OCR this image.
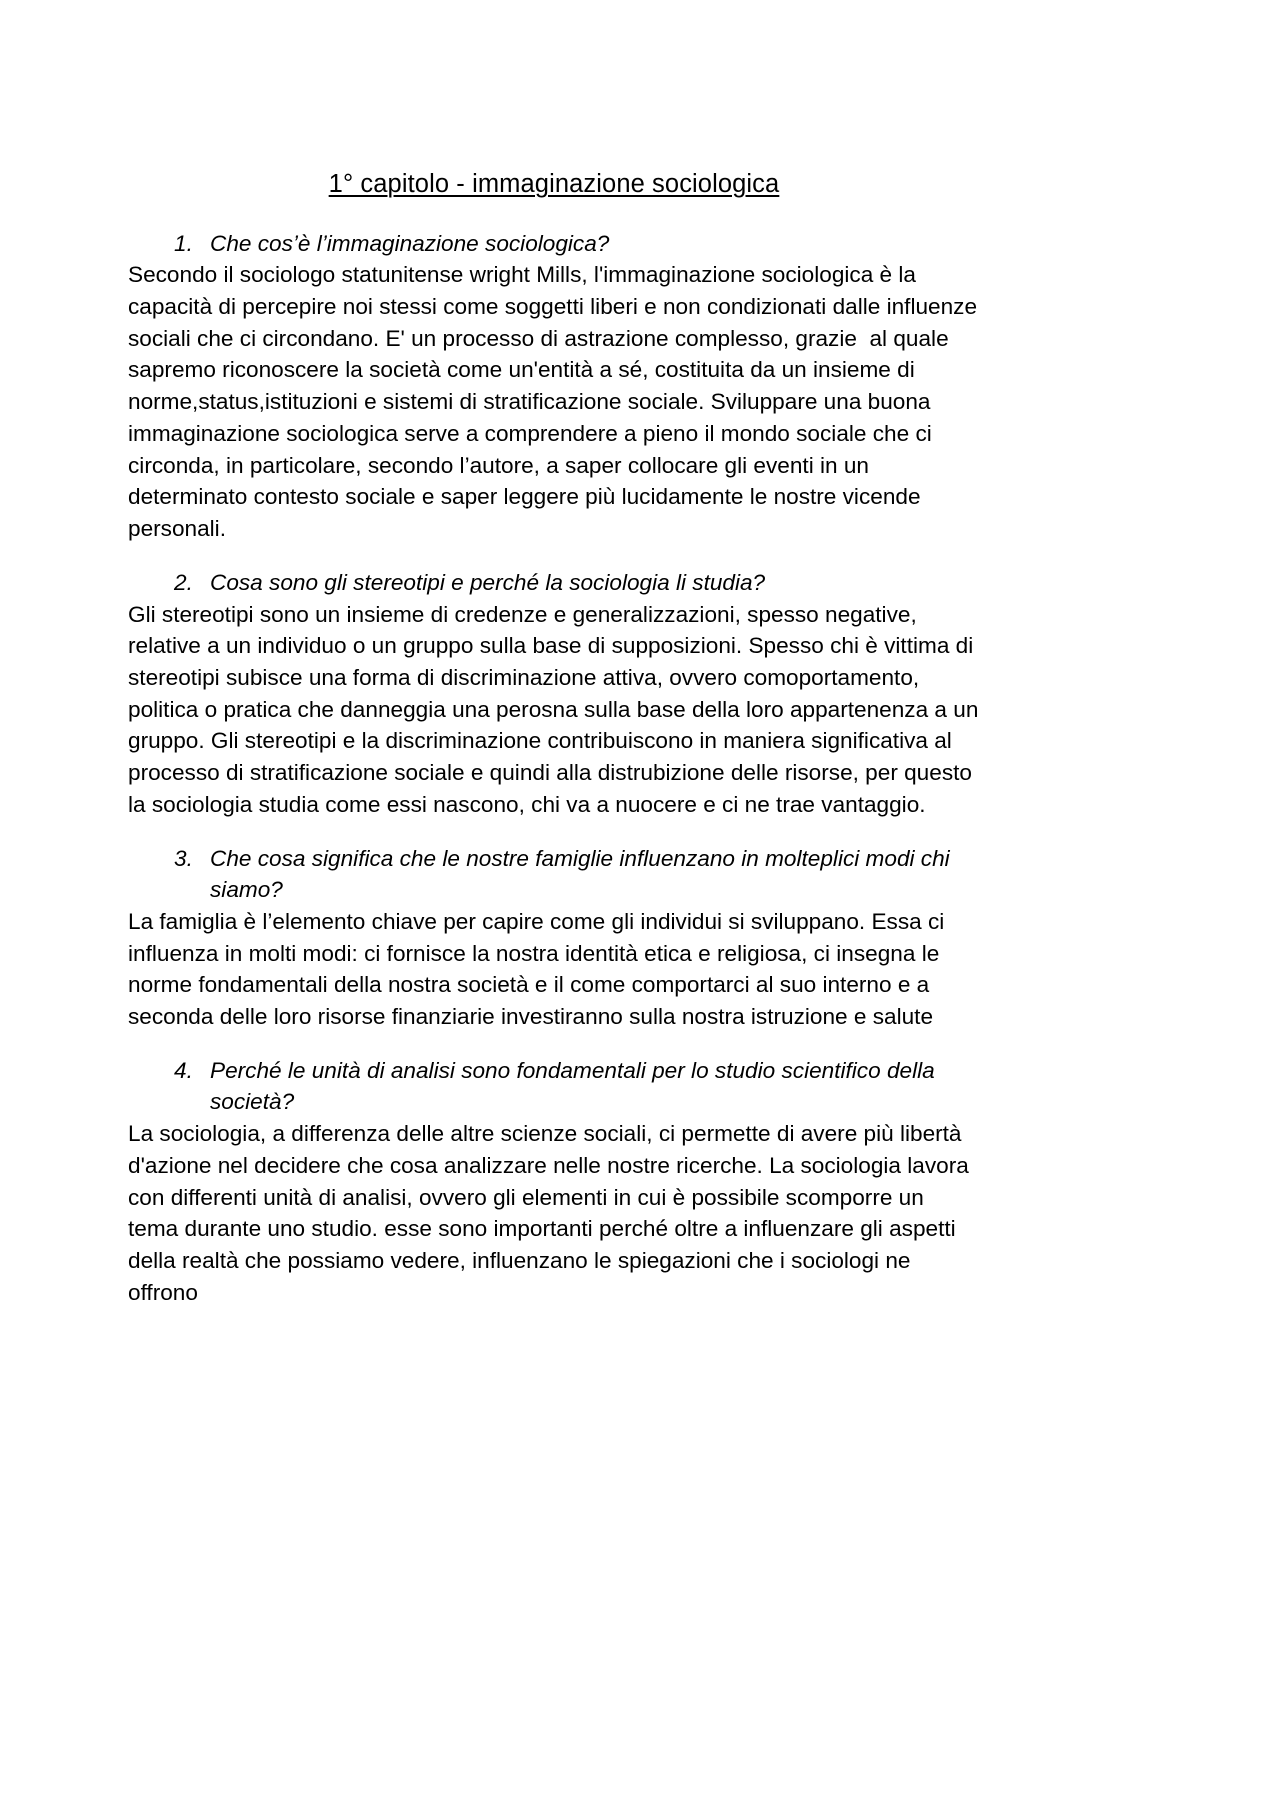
1° capitolo - immaginazione sociologica
1. Che cos’è l’immaginazione sociologica?

Secondo il sociologo statunitense wright Mills, l'immaginazione sociologica è la capacità di percepire noi stessi come soggetti liberi e non condizionati dalle influenze sociali che ci circondano. E' un processo di astrazione complesso, grazie  al quale sapremo riconoscere la società come un'entità a sé, costituita da un insieme di norme,status,istituzioni e sistemi di stratificazione sociale. Sviluppare una buona immaginazione sociologica serve a comprendere a pieno il mondo sociale che ci circonda, in particolare, secondo l’autore, a saper collocare gli eventi in un determinato contesto sociale e saper leggere più lucidamente le nostre vicende personali.

2. Cosa sono gli stereotipi e perché la sociologia li studia?

Gli stereotipi sono un insieme di credenze e generalizzazioni, spesso negative, relative a un individuo o un gruppo sulla base di supposizioni. Spesso chi è vittima di stereotipi subisce una forma di discriminazione attiva, ovvero comoportamento, politica o pratica che danneggia una perosna sulla base della loro appartenenza a un gruppo. Gli stereotipi e la discriminazione contribuiscono in maniera significativa al processo di stratificazione sociale e quindi alla distrubizione delle risorse, per questo la sociologia studia come essi nascono, chi va a nuocere e ci ne trae vantaggio.

3. Che cosa significa che le nostre famiglie influenzano in molteplici modi chi siamo?

La famiglia è l’elemento chiave per capire come gli individui si sviluppano. Essa ci influenza in molti modi: ci fornisce la nostra identità etica e religiosa, ci insegna le norme fondamentali della nostra società e il come comportarci al suo interno e a seconda delle loro risorse finanziarie investiranno sulla nostra istruzione e salute

4. Perché le unità di analisi sono fondamentali per lo studio scientifico della società?

La sociologia, a differenza delle altre scienze sociali, ci permette di avere più libertà d'azione nel decidere che cosa analizzare nelle nostre ricerche. La sociologia lavora con differenti unità di analisi, ovvero gli elementi in cui è possibile scomporre un tema durante uno studio. esse sono importanti perché oltre a influenzare gli aspetti della realtà che possiamo vedere, influenzano le spiegazioni che i sociologi ne offrono
